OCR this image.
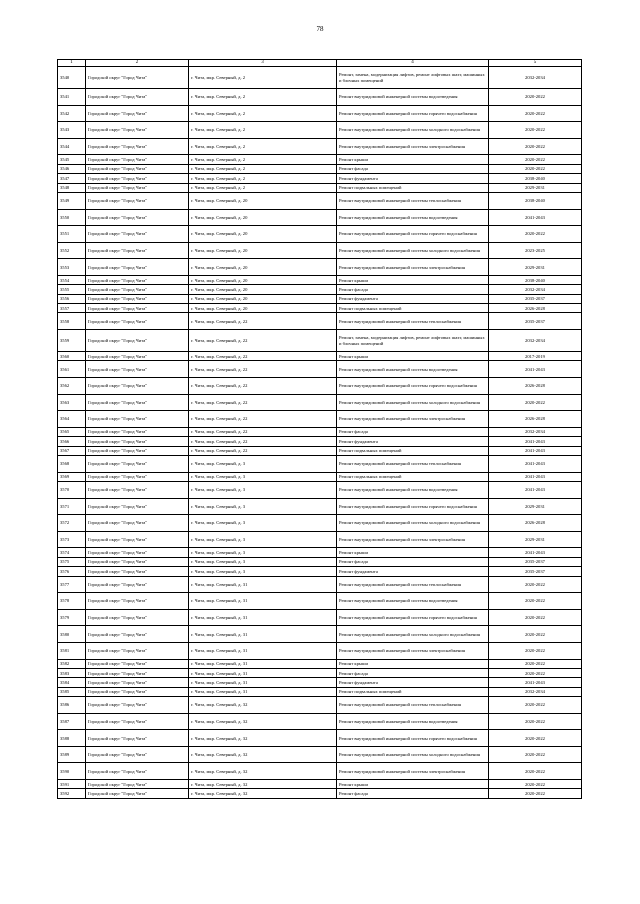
78
1	2	3	4	5
3540	Городской округ "Город Чита"	г. Чита, мкр. Северный, д. 2	Ремонт, замена, модернизация лифтов, ремонт лифтовых шахт, машинных и блочных помещений	2032-2034
3541	Городской округ "Город Чита"	г. Чита, мкр. Северный, д. 2	Ремонт внутридомовой инженерной системы водоотведения	2020-2022
3542	Городской округ "Город Чита"	г. Чита, мкр. Северный, д. 2	Ремонт внутридомовой инженерной системы горячего водоснабжения	2020-2022
3543	Городской округ "Город Чита"	г. Чита, мкр. Северный, д. 2	Ремонт внутридомовой инженерной системы холодного водоснабжения	2020-2022
3544	Городской округ "Город Чита"	г. Чита, мкр. Северный, д. 2	Ремонт внутридомовой инженерной системы электроснабжения	2020-2022
3545	Городской округ "Город Чита"	г. Чита, мкр. Северный, д. 2	Ремонт крыши	2020-2022
3546	Городской округ "Город Чита"	г. Чита, мкр. Северный, д. 2	Ремонт фасада	2020-2022
3547	Городской округ "Город Чита"	г. Чита, мкр. Северный, д. 2	Ремонт фундамента	2038-2040
3548	Городской округ "Город Чита"	г. Чита, мкр. Северный, д. 2	Ремонт подвальных помещений	2029-2031
3549	Городской округ "Город Чита"	г. Чита, мкр. Северный, д. 20	Ремонт внутридомовой инженерной системы теплоснабжения	2038-2040
3550	Городской округ "Город Чита"	г. Чита, мкр. Северный, д. 20	Ремонт внутридомовой инженерной системы водоотведения	2041-2043
3551	Городской округ "Город Чита"	г. Чита, мкр. Северный, д. 20	Ремонт внутридомовой инженерной системы горячего водоснабжения	2020-2022
3552	Городской округ "Город Чита"	г. Чита, мкр. Северный, д. 20	Ремонт внутридомовой инженерной системы холодного водоснабжения	2023-2025
3553	Городской округ "Город Чита"	г. Чита, мкр. Северный, д. 20	Ремонт внутридомовой инженерной системы электроснабжения	2029-2031
3554	Городской округ "Город Чита"	г. Чита, мкр. Северный, д. 20	Ремонт крыши	2038-2040
3555	Городской округ "Город Чита"	г. Чита, мкр. Северный, д. 20	Ремонт фасада	2032-2034
3556	Городской округ "Город Чита"	г. Чита, мкр. Северный, д. 20	Ремонт фундамента	2035-2037
3557	Городской округ "Город Чита"	г. Чита, мкр. Северный, д. 20	Ремонт подвальных помещений	2026-2028
3558	Городской округ "Город Чита"	г. Чита, мкр. Северный, д. 22	Ремонт внутридомовой инженерной системы теплоснабжения	2035-2037
3559	Городской округ "Город Чита"	г. Чита, мкр. Северный, д. 22	Ремонт, замена, модернизация лифтов, ремонт лифтовых шахт, машинных и блочных помещений	2032-2034
3560	Городской округ "Город Чита"	г. Чита, мкр. Северный, д. 22	Ремонт крыши	2017-2019
3561	Городской округ "Город Чита"	г. Чита, мкр. Северный, д. 22	Ремонт внутридомовой инженерной системы водоотведения	2041-2043
3562	Городской округ "Город Чита"	г. Чита, мкр. Северный, д. 22	Ремонт внутридомовой инженерной системы горячего водоснабжения	2026-2028
3563	Городской округ "Город Чита"	г. Чита, мкр. Северный, д. 22	Ремонт внутридомовой инженерной системы холодного водоснабжения	2020-2022
3564	Городской округ "Город Чита"	г. Чита, мкр. Северный, д. 22	Ремонт внутридомовой инженерной системы электроснабжения	2026-2028
3565	Городской округ "Город Чита"	г. Чита, мкр. Северный, д. 22	Ремонт фасада	2032-2034
3566	Городской округ "Город Чита"	г. Чита, мкр. Северный, д. 22	Ремонт фундамента	2041-2043
3567	Городской округ "Город Чита"	г. Чита, мкр. Северный, д. 22	Ремонт подвальных помещений	2041-2043
3568	Городской округ "Город Чита"	г. Чита, мкр. Северный, д. 3	Ремонт внутридомовой инженерной системы теплоснабжения	2041-2043
3569	Городской округ "Город Чита"	г. Чита, мкр. Северный, д. 3	Ремонт подвальных помещений	2041-2043
3570	Городской округ "Город Чита"	г. Чита, мкр. Северный, д. 3	Ремонт внутридомовой инженерной системы водоотведения	2041-2043
3571	Городской округ "Город Чита"	г. Чита, мкр. Северный, д. 3	Ремонт внутридомовой инженерной системы горячего водоснабжения	2029-2031
3572	Городской округ "Город Чита"	г. Чита, мкр. Северный, д. 3	Ремонт внутридомовой инженерной системы холодного водоснабжения	2026-2028
3573	Городской округ "Город Чита"	г. Чита, мкр. Северный, д. 3	Ремонт внутридомовой инженерной системы электроснабжения	2029-2031
3574	Городской округ "Город Чита"	г. Чита, мкр. Северный, д. 3	Ремонт крыши	2041-2043
3575	Городской округ "Город Чита"	г. Чита, мкр. Северный, д. 3	Ремонт фасада	2035-2037
3576	Городской округ "Город Чита"	г. Чита, мкр. Северный, д. 3	Ремонт фундамента	2035-2037
3577	Городской округ "Город Чита"	г. Чита, мкр. Северный, д. 31	Ремонт внутридомовой инженерной системы теплоснабжения	2020-2022
3578	Городской округ "Город Чита"	г. Чита, мкр. Северный, д. 31	Ремонт внутридомовой инженерной системы водоотведения	2020-2022
3579	Городской округ "Город Чита"	г. Чита, мкр. Северный, д. 31	Ремонт внутридомовой инженерной системы горячего водоснабжения	2020-2022
3580	Городской округ "Город Чита"	г. Чита, мкр. Северный, д. 31	Ремонт внутридомовой инженерной системы холодного водоснабжения	2020-2022
3581	Городской округ "Город Чита"	г. Чита, мкр. Северный, д. 31	Ремонт внутридомовой инженерной системы электроснабжения	2020-2022
3582	Городской округ "Город Чита"	г. Чита, мкр. Северный, д. 31	Ремонт крыши	2020-2022
3583	Городской округ "Город Чита"	г. Чита, мкр. Северный, д. 31	Ремонт фасада	2020-2022
3584	Городской округ "Город Чита"	г. Чита, мкр. Северный, д. 31	Ремонт фундамента	2041-2043
3585	Городской округ "Город Чита"	г. Чита, мкр. Северный, д. 31	Ремонт подвальных помещений	2032-2034
3586	Городской округ "Город Чита"	г. Чита, мкр. Северный, д. 32	Ремонт внутридомовой инженерной системы теплоснабжения	2020-2022
3587	Городской округ "Город Чита"	г. Чита, мкр. Северный, д. 32	Ремонт внутридомовой инженерной системы водоотведения	2020-2022
3588	Городской округ "Город Чита"	г. Чита, мкр. Северный, д. 32	Ремонт внутридомовой инженерной системы горячего водоснабжения	2020-2022
3589	Городской округ "Город Чита"	г. Чита, мкр. Северный, д. 32	Ремонт внутридомовой инженерной системы холодного водоснабжения	2020-2022
3590	Городской округ "Город Чита"	г. Чита, мкр. Северный, д. 32	Ремонт внутридомовой инженерной системы электроснабжения	2020-2022
3591	Городской округ "Город Чита"	г. Чита, мкр. Северный, д. 32	Ремонт крыши	2020-2022
3592	Городской округ "Город Чита"	г. Чита, мкр. Северный, д. 32	Ремонт фасада	2020-2022
